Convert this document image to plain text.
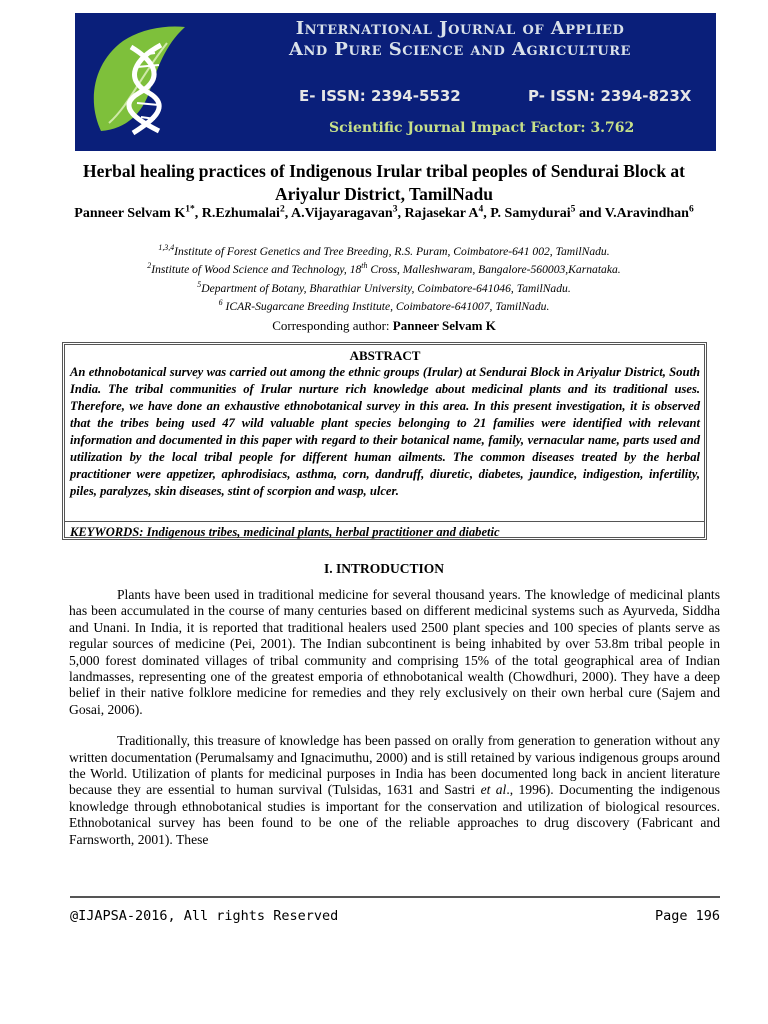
International Journal of Applied
And Pure Science and Agriculture
E- ISSN: 2394-5532	P- ISSN: 2394-823X
Scientific Journal Impact Factor: 3.762
Herbal healing practices of Indigenous Irular tribal peoples of Sendurai Block at Ariyalur District, TamilNadu
Panneer Selvam $K^{1*}$, R.Ezhumalai$^2$, A.Vijayaragavan$^3$, Rajasekar $A^4$, P. Samydurai$^5$ and V.Aravindhan$^6$
$^{1,3,4}$Institute of Forest Genetics and Tree Breeding, R.S. Puram, Coimbatore-641 002, TamilNadu.
$^2$Institute of Wood Science and Technology, 18th Cross, Malleshwaram, Bangalore-560003,Karnataka.
$^5$Department of Botany, Bharathiar University, Coimbatore-641046, TamilNadu.
$^6$ ICAR-Sugarcane Breeding Institute, Coimbatore-641007, TamilNadu.
Corresponding author: Panneer Selvam K
ABSTRACT

An ethnobotanical survey was carried out among the ethnic groups (Irular) at Sendurai Block in Ariyalur District, South India. The tribal communities of Irular nurture rich knowledge about medicinal plants and its traditional uses. Therefore, we have done an exhaustive ethnobotanical survey in this area. In this present investigation, it is observed that the tribes being used 47 wild valuable plant species belonging to 21 families were identified with relevant information and documented in this paper with regard to their botanical name, family, vernacular name, parts used and utilization by the local tribal people for different human ailments. The common diseases treated by the herbal practitioner were appetizer, aphrodisiacs, asthma, corn, dandruff, diuretic, diabetes, jaundice, indigestion, infertility, piles, paralyzes, skin diseases, stint of scorpion and wasp, ulcer.

KEYWORDS: Indigenous tribes, medicinal plants, herbal practitioner and diabetic
I. INTRODUCTION

Plants have been used in traditional medicine for several thousand years. The knowledge of medicinal plants has been accumulated in the course of many centuries based on different medicinal systems such as Ayurveda, Siddha and Unani. In India, it is reported that traditional healers used 2500 plant species and 100 species of plants serve as regular sources of medicine (Pei, 2001). The Indian subcontinent is being inhabited by over 53.8m tribal people in 5,000 forest dominated villages of tribal community and comprising 15% of the total geographical area of Indian landmasses, representing one of the greatest emporia of ethnobotanical wealth (Chowdhuri, 2000). They have a deep belief in their native folklore medicine for remedies and they rely exclusively on their own herbal cure (Sajem and Gosai, 2006).

Traditionally, this treasure of knowledge has been passed on orally from generation to generation without any written documentation (Perumalsamy and Ignacimuthu, 2000) and is still retained by various indigenous groups around the World. Utilization of plants for medicinal purposes in India has been documented long back in ancient literature because they are essential to human survival (Tulsidas, 1631 and Sastri et al., 1996). Documenting the indigenous knowledge through ethnobotanical studies is important for the conservation and utilization of biological resources. Ethnobotanical survey has been found to be one of the reliable approaches to drug discovery (Fabricant and Farnsworth, 2001). These

@IJAPSA-2016, All rights Reserved	Page 196
